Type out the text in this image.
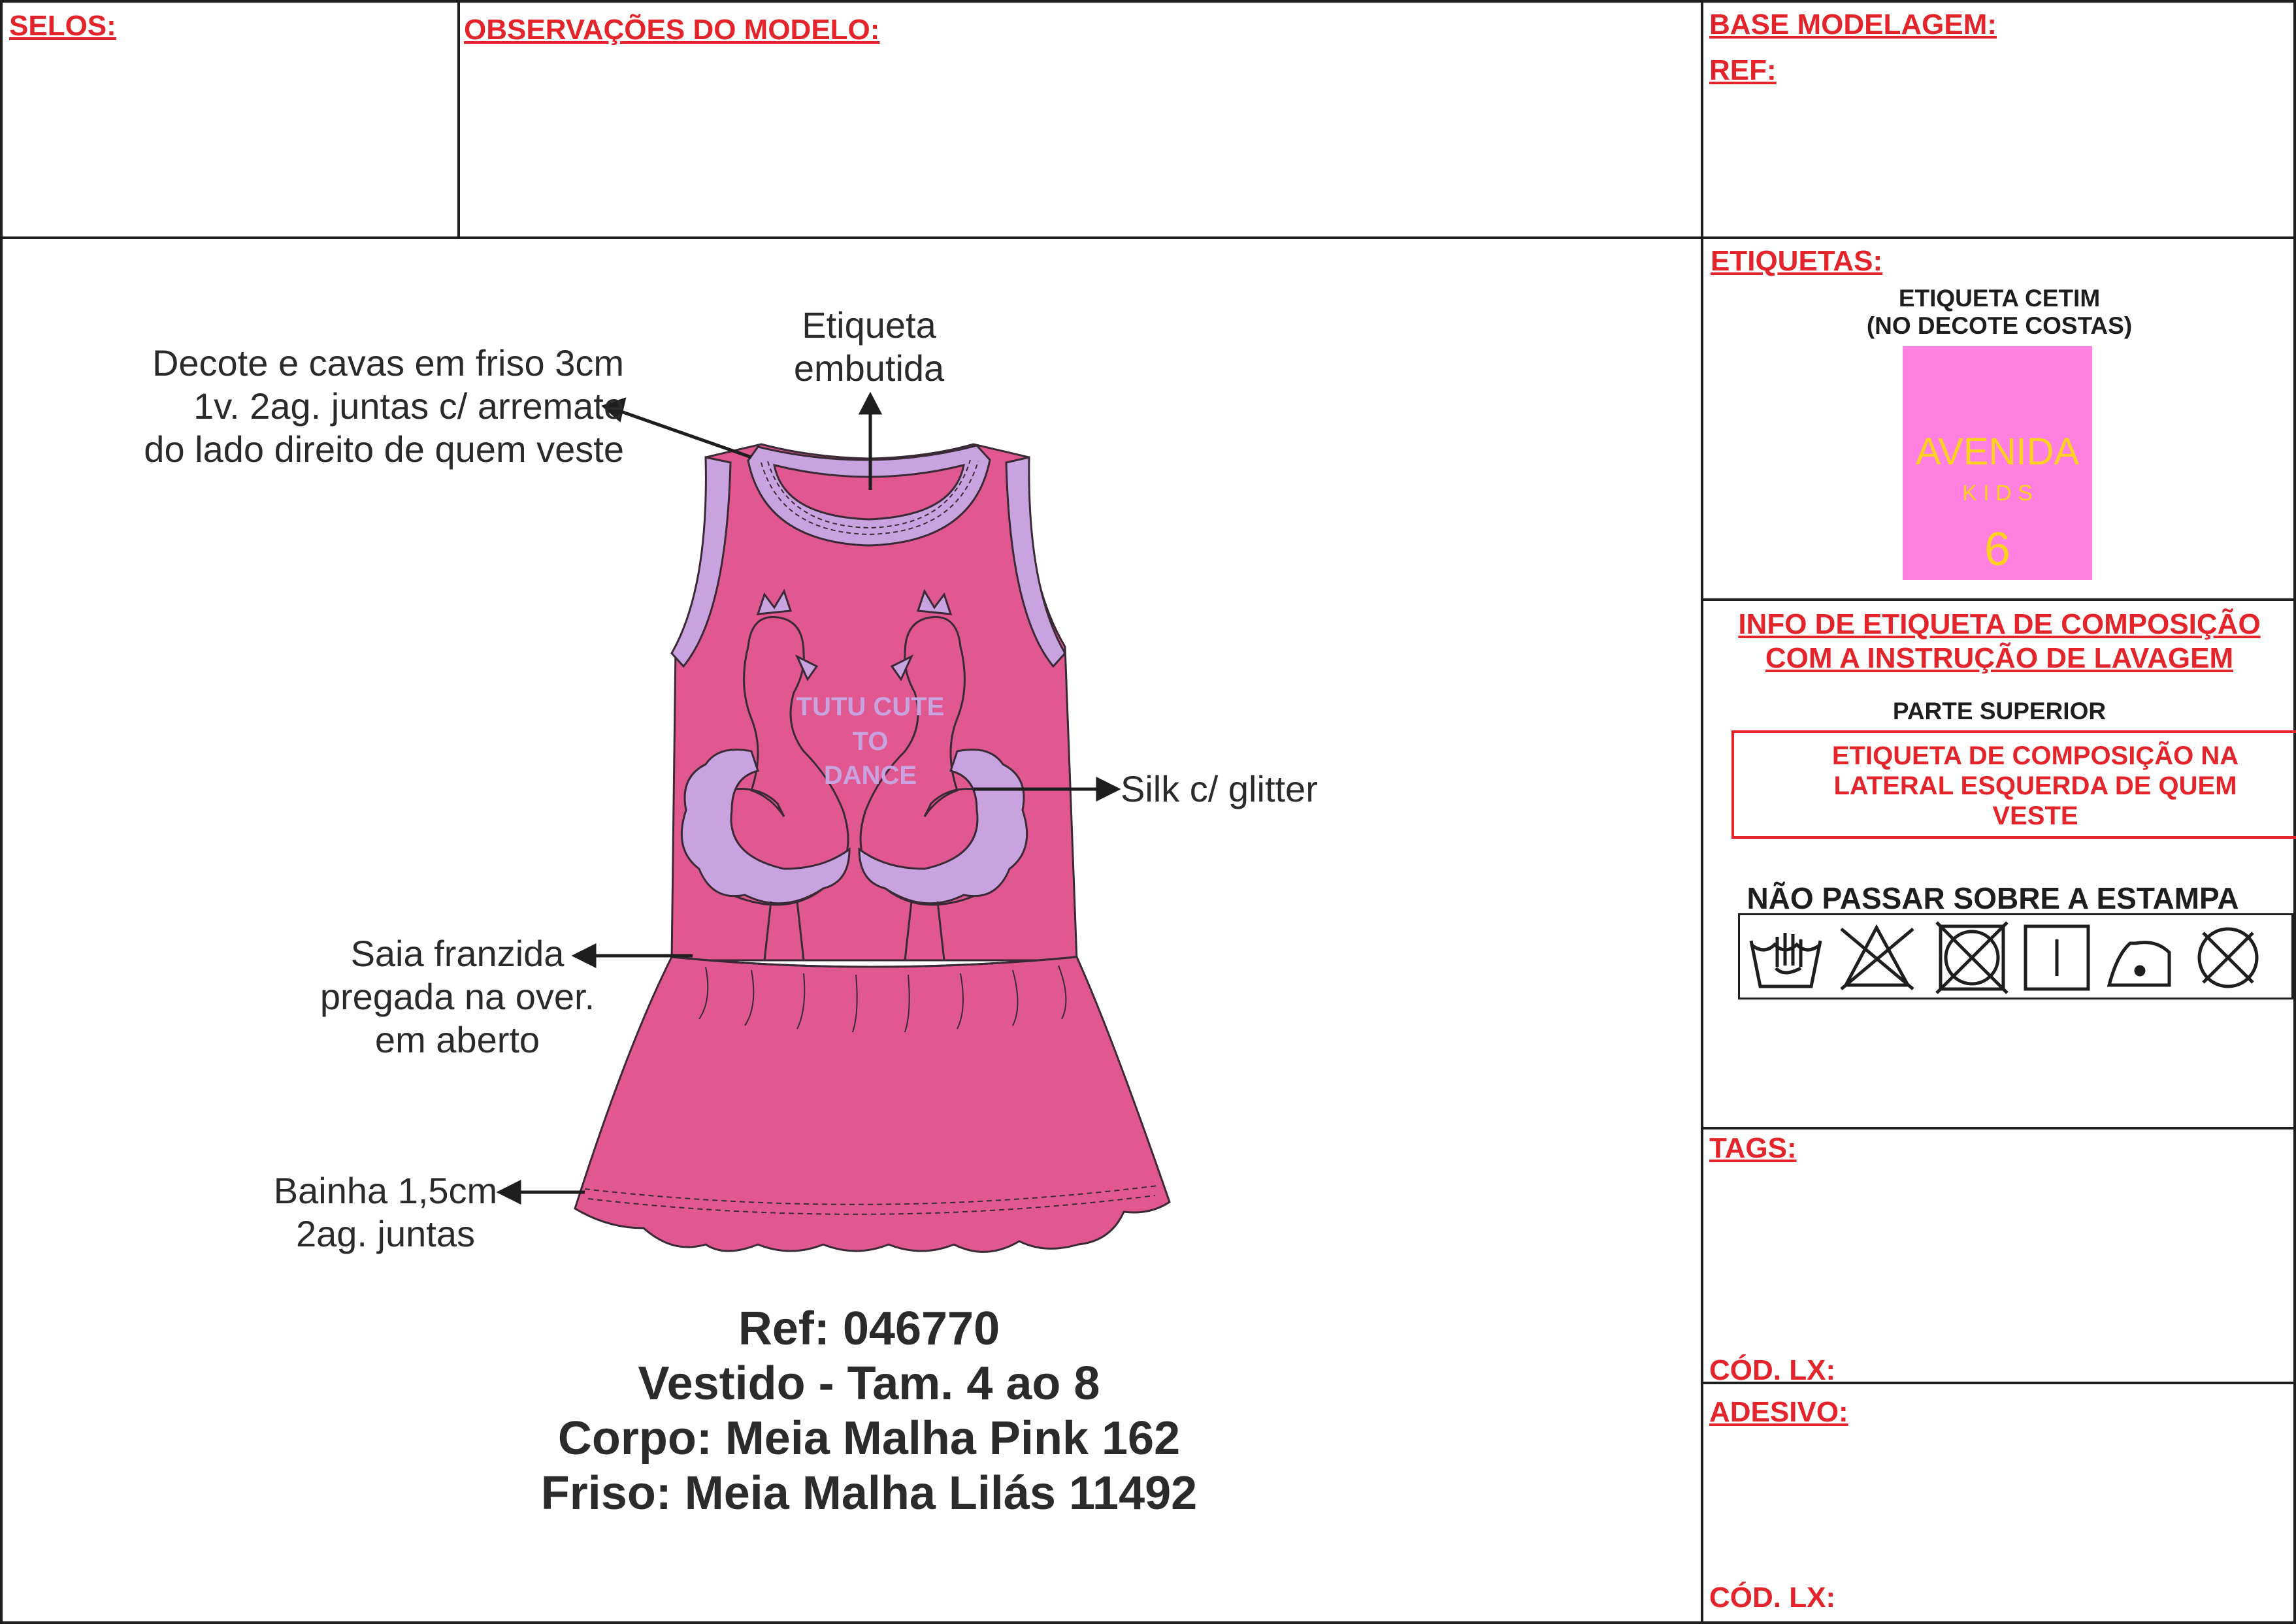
SELOS:	OBSERVAÇÕES DO MODELO:	BASE MODELAGEM:
REF:
ETIQUETAS:
TAGS:
CÓD. LX:
ADESIVO:
CÓD. LX:
TUTU CUTE
TO
DANCE
Etiqueta
embutida
Decote e cavas em friso 3cm
1v. 2ag. juntas c/ arremate
do lado direito de quem veste
Silk c/ glitter
Saia franzida
pregada na over.
em aberto
Bainha 1,5cm
2ag. juntas
Ref: 046770
Vestido - Tam. 4 ao 8
Corpo: Meia Malha Pink 162
Friso: Meia Malha Lilás 11492
ETIQUETA CETIM
(NO DECOTE COSTAS)
AVENIDA
K I D S
6
INFO DE ETIQUETA DE COMPOSIÇÃO
COM A INSTRUÇÃO DE LAVAGEM
PARTE SUPERIOR
ETIQUETA DE COMPOSIÇÃO NA
LATERAL ESQUERDA DE QUEM
VESTE
NÃO PASSAR SOBRE A ESTAMPA
